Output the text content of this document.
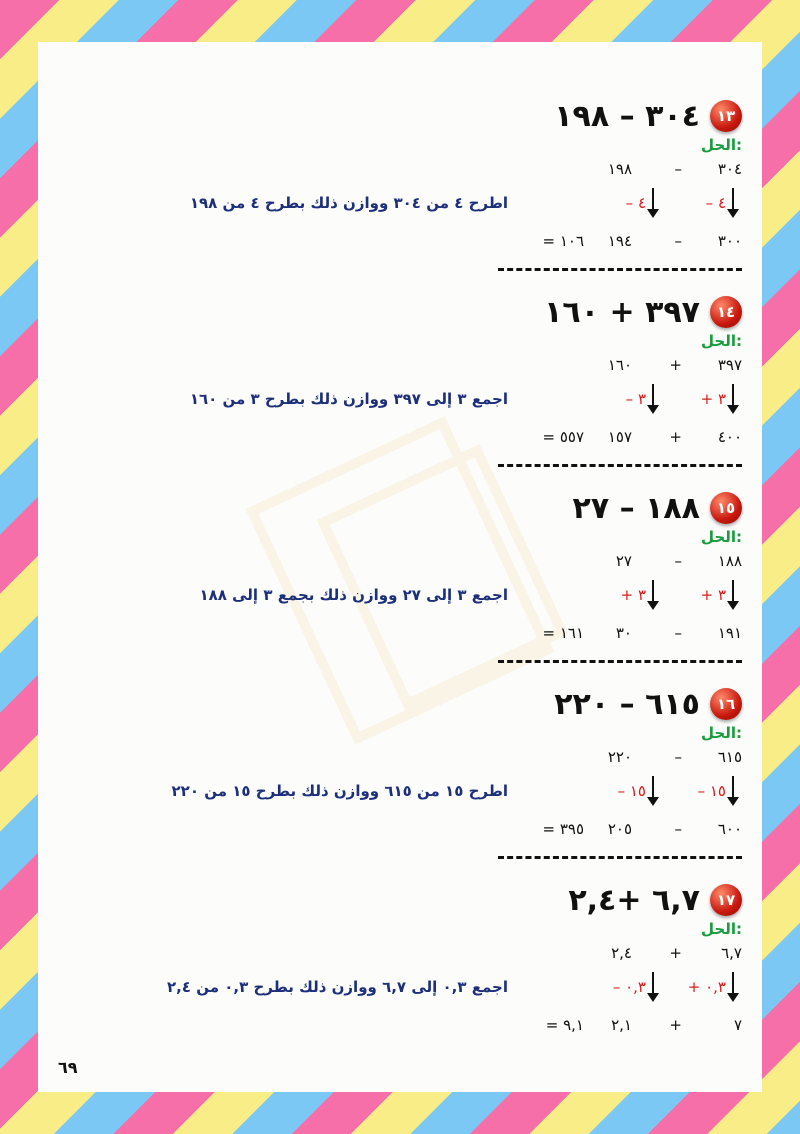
١٣
٣٠٤ – ١٩٨
الحل:
٣٠٤
–
١٩٨
– ٤
– ٤
اطرح ٤ من ٣٠٤ ووازن ذلك بطرح ٤ من ١٩٨
٣٠٠
–
١٩٤
= ١٠٦
١٤
٣٩٧ + ١٦٠
الحل:
٣٩٧
+
١٦٠
+ ٣
– ٣
اجمع ٣ إلى ٣٩٧ ووازن ذلك بطرح ٣ من ١٦٠
٤٠٠
+
١٥٧
= ٥٥٧
١٥
١٨٨ – ٢٧
الحل:
١٨٨
–
٢٧
+ ٣
+ ٣
اجمع ٣ إلى ٢٧ ووازن ذلك بجمع ٣ إلى ١٨٨
١٩١
–
٣٠
= ١٦١
١٦
٦١٥ – ٢٢٠
الحل:
٦١٥
–
٢٢٠
– ١٥
– ١٥
اطرح ١٥ من ٦١٥ ووازن ذلك بطرح ١٥ من ٢٢٠
٦٠٠
–
٢٠٥
= ٣٩٥
١٧
٦,٧ +٢,٤
الحل:
٦,٧
+
٢,٤
+ ٠,٣
– ٠,٣
اجمع ٠,٣ إلى ٦,٧ ووازن ذلك بطرح ٠,٣ من ٢,٤
٧
+
٢,١
= ٩,١
٦٩
